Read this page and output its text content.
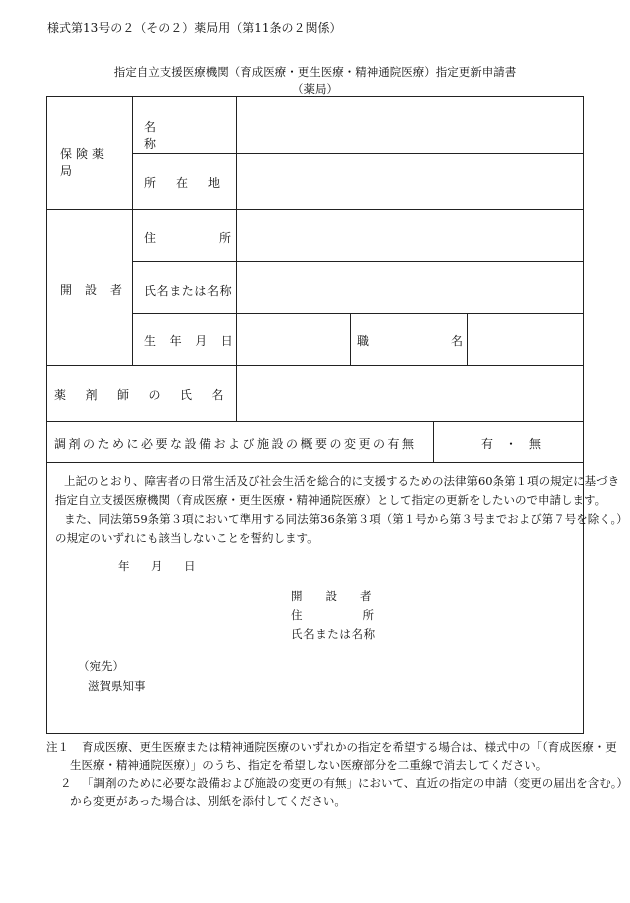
様式第13号の２（その２）薬局用（第11条の２関係）
指定自立支援医療機関（育成医療・更生医療・精神通院医療）指定更新申請書
（薬局）
保険薬局
名称
所在地
開設者
住所
氏名または名称
生年月日	職名
薬剤師の氏名
調剤のために必要な設備および施設の概要の変更の有無	有・無
上記のとおり、障害者の日常生活及び社会生活を総合的に支援するための法律第60条第１項の規定に基づき
指定自立支援医療機関（育成医療・更生医療・精神通院医療）として指定の更新をしたいので申請します。
また、同法第59条第３項において準用する同法第36条第３項（第１号から第３号までおよび第７号を除く。）
の規定のいずれにも該当しないことを誓約します。
年　月　日
開設者
住所
氏名または名称
（宛先）
滋賀県知事
注１ 育成医療、更生医療または精神通院医療のいずれかの指定を希望する場合は、様式中の「（育成医療・更
生医療・精神通院医療）」のうち、指定を希望しない医療部分を二重線で消去してください。
２ 「調剤のために必要な設備および施設の変更の有無」において、直近の指定の申請（変更の届出を含む。）
から変更があった場合は、別紙を添付してください。
